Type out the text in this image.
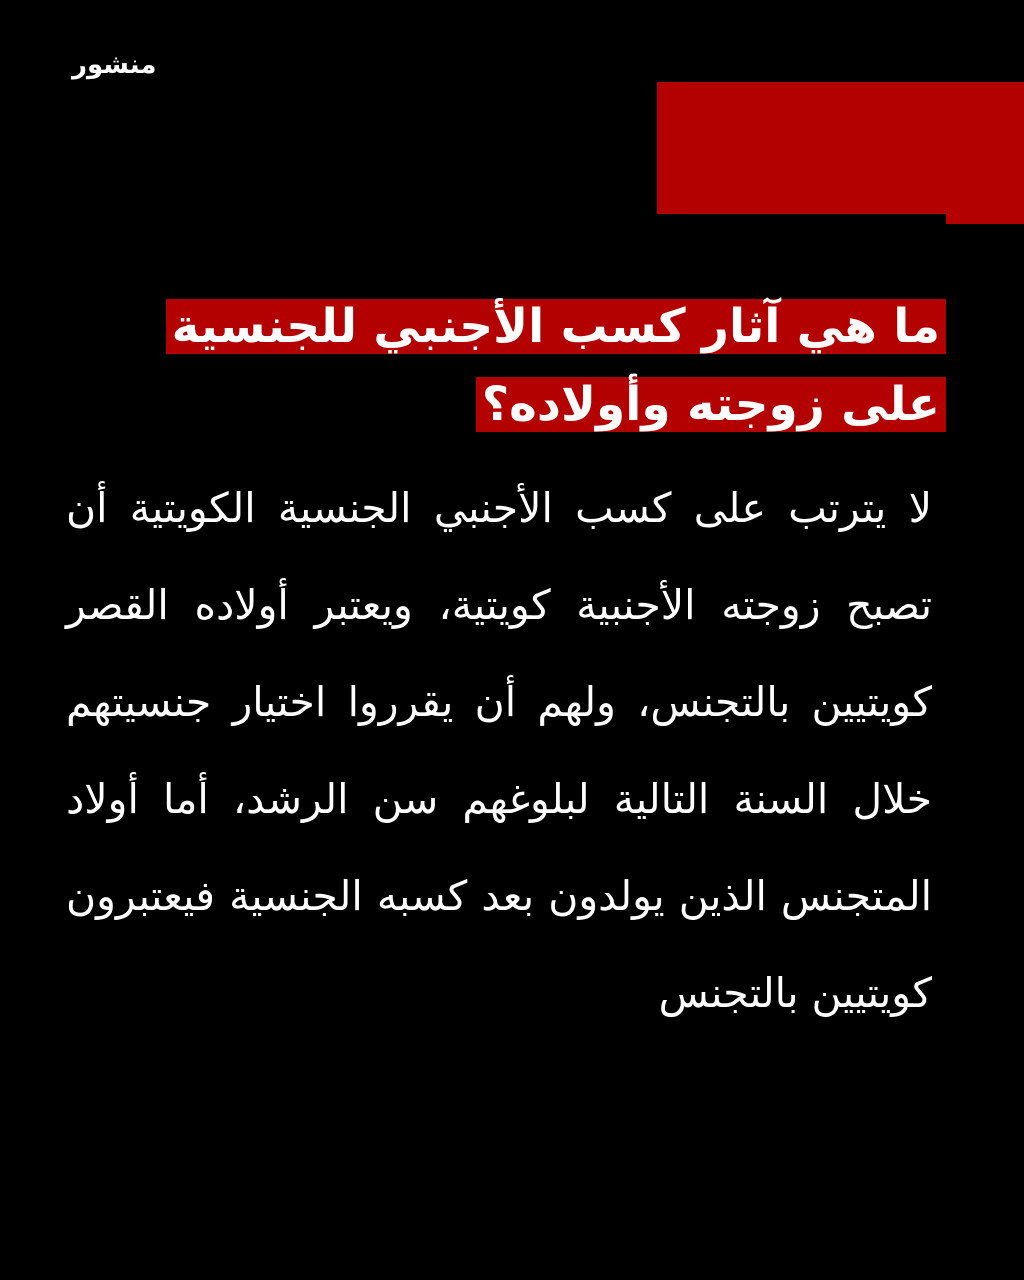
منشور
ما هي آثار كسب الأجنبي للجنسية على زوجته وأولاده؟

لا يترتب على كسب الأجنبي الجنسية الكويتية أن تصبح زوجته الأجنبية كويتية، ويعتبر أولاده القصر كويتيين بالتجنس، ولهم أن يقرروا اختيار جنسيتهم خلال السنة التالية لبلوغهم سن الرشد، أما أولاد المتجنس الذين يولدون بعد كسبه الجنسية فيعتبرون كويتيين بالتجنس
